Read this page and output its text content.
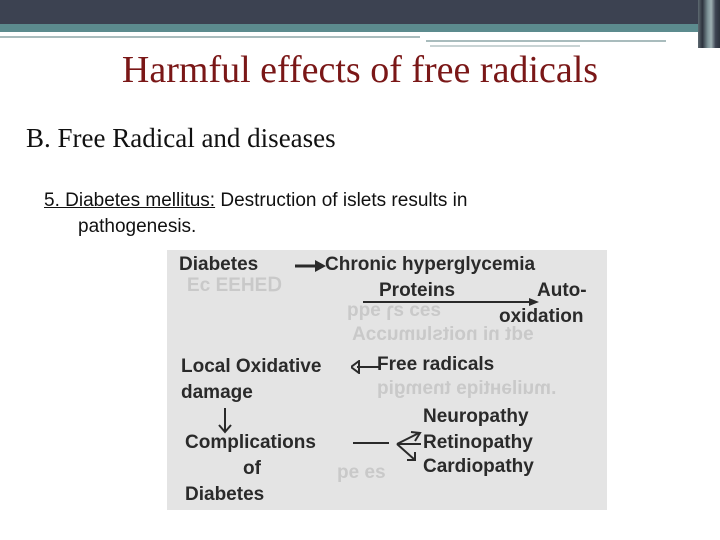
Harmful effects of free radicals
B. Free Radical and diseases
5. Diabetes mellitus: Destruction of islets results in
pathogenesis.
ᗡƎHƎƎ ɔƎ
ƨɘɔ ƨɿ ɘqq
ɘd⁣t ni noitslumuɔɔA
.muiləʜtiqɘ tnɘmgiq
ƨɘ ɘq
Diabetes	Chronic hyperglycemia
Proteins	Auto-
oxidation
Local Oxidative	Free radicals
damage
Neuropathy
Complications	Retinopathy
of	Cardiopathy
Diabetes
